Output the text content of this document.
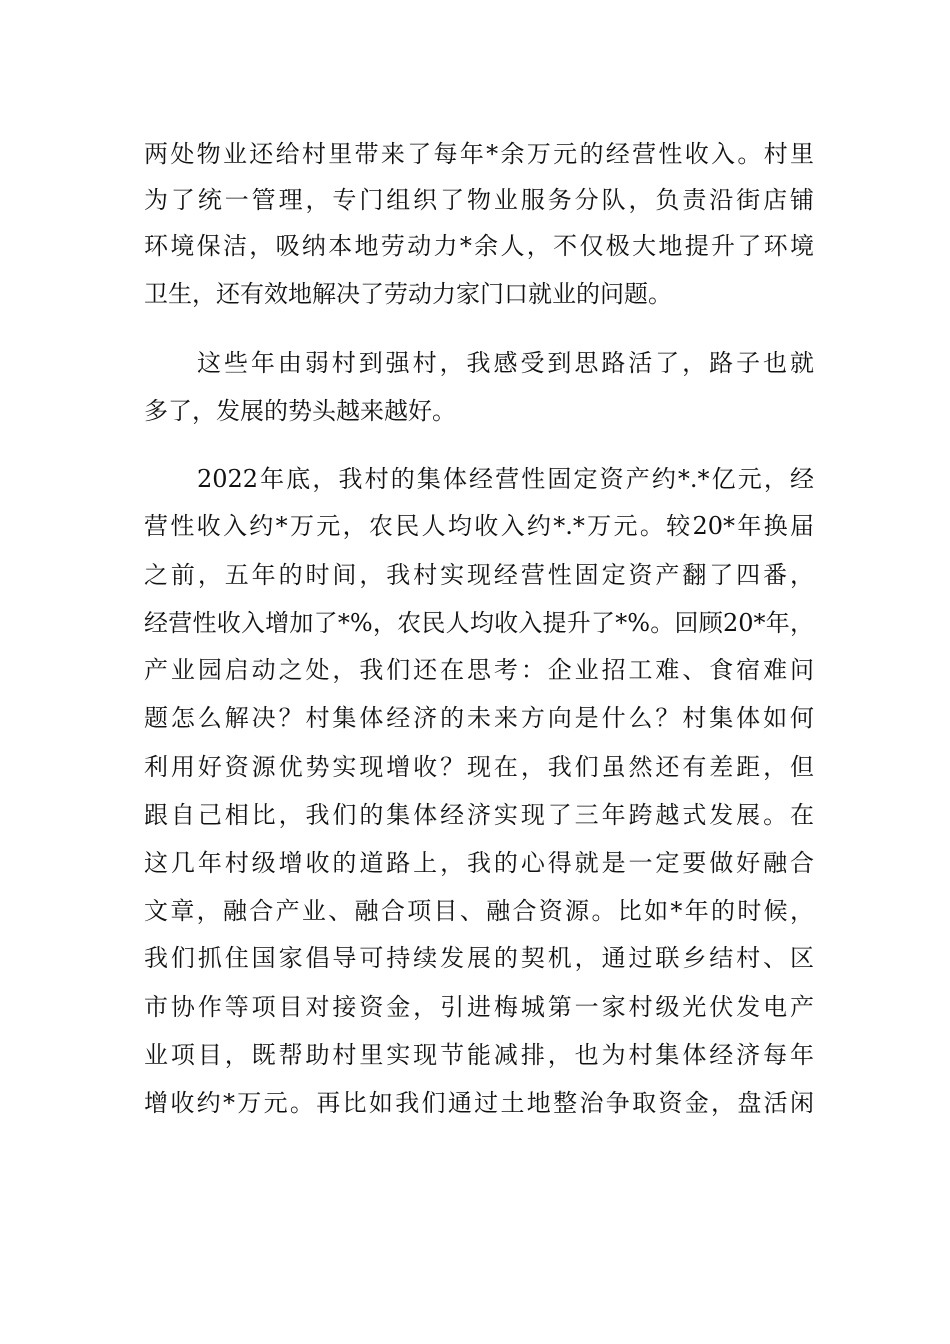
两处物业还给村里带来了每年*余万元的经营性收入。村里
为了统一管理，专门组织了物业服务分队，负责沿街店铺
环境保洁，吸纳本地劳动力*余人，不仅极大地提升了环境
卫生，还有效地解决了劳动力家门口就业的问题。
这些年由弱村到强村，我感受到思路活了，路子也就
多了，发展的势头越来越好。
2022年底，我村的集体经营性固定资产约*.*亿元，经
营性收入约*万元，农民人均收入约*.*万元。较20*年换届
之前，五年的时间，我村实现经营性固定资产翻了四番，
经营性收入增加了*%，农民人均收入提升了*%。回顾20*年，
产业园启动之处，我们还在思考：企业招工难、食宿难问
题怎么解决？村集体经济的未来方向是什么？村集体如何
利用好资源优势实现增收？现在，我们虽然还有差距，但
跟自己相比，我们的集体经济实现了三年跨越式发展。在
这几年村级增收的道路上，我的心得就是一定要做好融合
文章，融合产业、融合项目、融合资源。比如*年的时候，
我们抓住国家倡导可持续发展的契机，通过联乡结村、区
市协作等项目对接资金，引进梅城第一家村级光伏发电产
业项目，既帮助村里实现节能减排，也为村集体经济每年
增收约*万元。再比如我们通过土地整治争取资金，盘活闲
